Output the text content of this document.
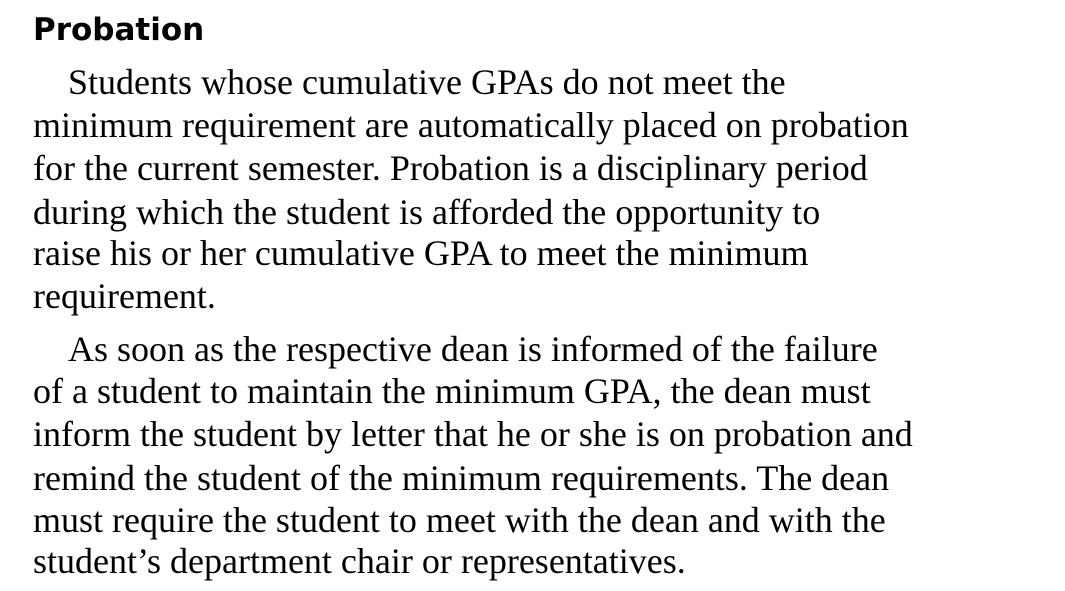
Probation
Students whose cumulative GPAs do not meet the
minimum requirement are automatically placed on probation
for the current semester. Probation is a disciplinary period
during which the student is afforded the opportunity to
raise his or her cumulative GPA to meet the minimum
requirement.
As soon as the respective dean is informed of the failure
of a student to maintain the minimum GPA, the dean must
inform the student by letter that he or she is on probation and
remind the student of the minimum requirements. The dean
must require the student to meet with the dean and with the
student’s department chair or representatives.
